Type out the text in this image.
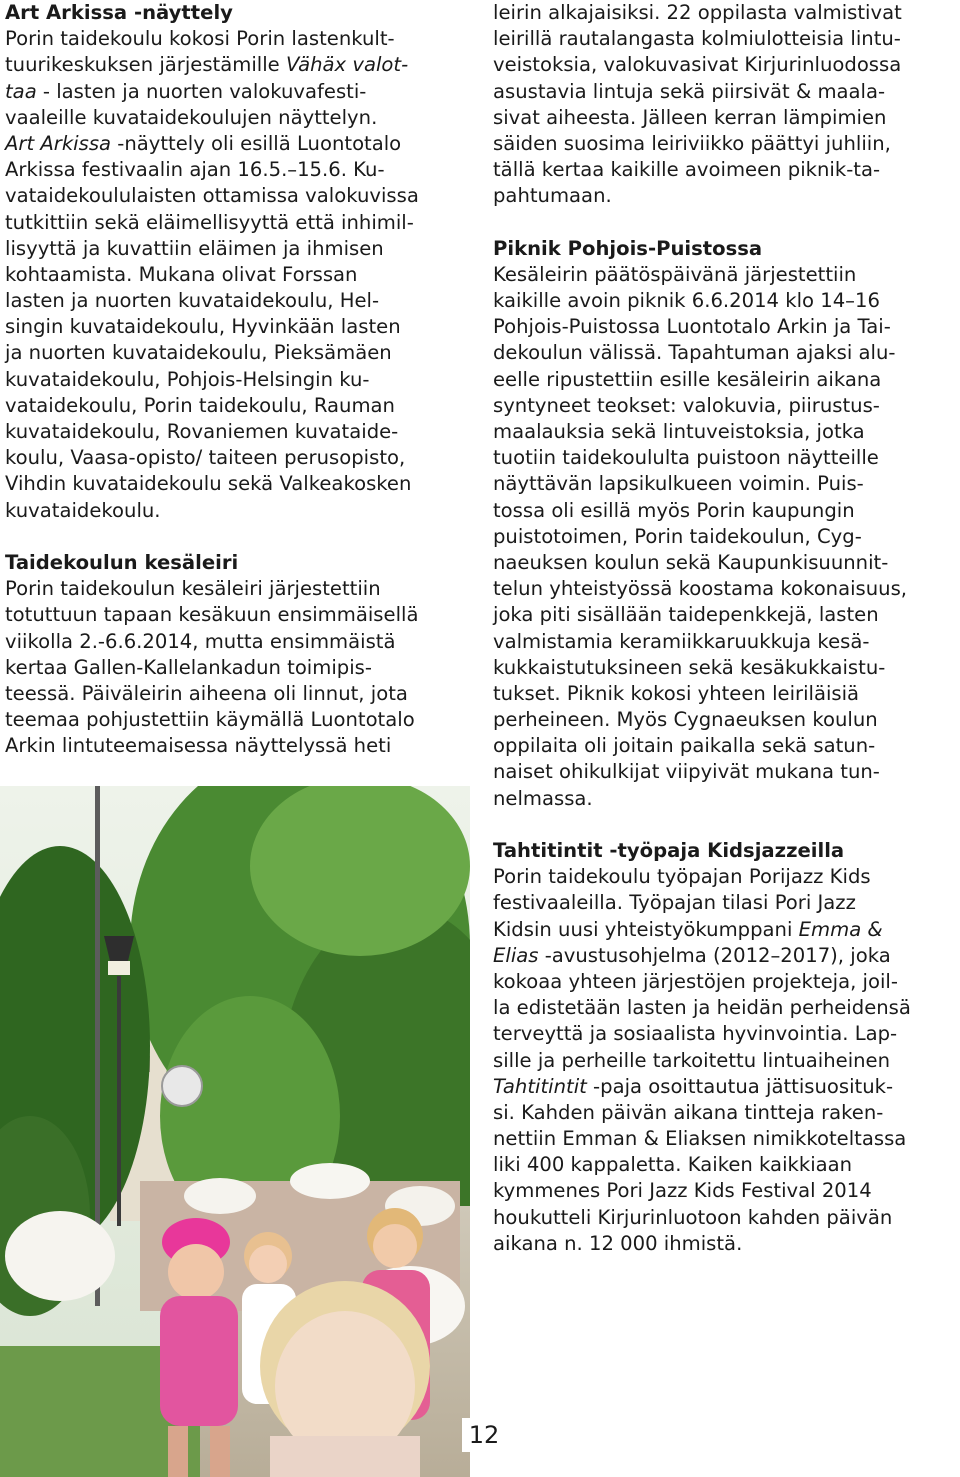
Art Arkissa -näyttely
Porin taidekoulu kokosi Porin lastenkult-
tuurikeskuksen järjestämille Vähäx valot-
taa - lasten ja nuorten valokuvafesti-
vaaleille kuvataidekoulujen näyttelyn.
Art Arkissa -näyttely oli esillä Luontotalo
Arkissa festivaalin ajan 16.5.–15.6. Ku-
vataidekoululaisten ottamissa valokuvissa
tutkittiin sekä eläimellisyyttä että inhimil-
lisyyttä ja kuvattiin eläimen ja ihmisen
kohtaamista. Mukana olivat Forssan
lasten ja nuorten kuvataidekoulu, Hel-
singin kuvataidekoulu, Hyvinkään lasten
ja nuorten kuvataidekoulu, Pieksämäen
kuvataidekoulu, Pohjois-Helsingin ku-
vataidekoulu, Porin taidekoulu, Rauman
kuvataidekoulu, Rovaniemen kuvataide-
koulu, Vaasa-opisto/ taiteen perusopisto,
Vihdin kuvataidekoulu sekä Valkeakosken
kuvataidekoulu.
Taidekoulun kesäleiri
Porin taidekoulun kesäleiri järjestettiin
totuttuun tapaan kesäkuun ensimmäisellä
viikolla 2.-6.6.2014, mutta ensimmäistä
kertaa Gallen-Kallelankadun toimipis-
teessä. Päiväleirin aiheena oli linnut, jota
teemaa pohjustettiin käymällä Luontotalo
Arkin lintuteemaisessa näyttelyssä heti
leirin alkajaisiksi. 22 oppilasta valmistivat
leirillä rautalangasta kolmiulotteisia lintu-
veistoksia, valokuvasivat Kirjurinluodossa
asustavia lintuja sekä piirsivät & maala-
sivat aiheesta. Jälleen kerran lämpimien
säiden suosima leiriviikko päättyi juhliin,
tällä kertaa kaikille avoimeen piknik-ta-
pahtumaan.
Piknik Pohjois-Puistossa
Kesäleirin päätöspäivänä järjestettiin
kaikille avoin piknik 6.6.2014 klo 14–16
Pohjois-Puistossa Luontotalo Arkin ja Tai-
dekoulun välissä. Tapahtuman ajaksi alu-
eelle ripustettiin esille kesäleirin aikana
syntyneet teokset: valokuvia, piirustus-
maalauksia sekä lintuveistoksia, jotka
tuotiin taidekoululta puistoon näytteille
näyttävän lapsikulkueen voimin. Puis-
tossa oli esillä myös Porin kaupungin
puistotoimen, Porin taidekoulun, Cyg-
naeuksen koulun sekä Kaupunkisuunnit-
telun yhteistyössä koostama kokonaisuus,
joka piti sisällään taidepenkkejä, lasten
valmistamia keramiikkaruukkuja kesä-
kukkaistutuksineen sekä kesäkukkaistu-
tukset. Piknik kokosi yhteen leiriläisiä
perheineen. Myös Cygnaeuksen koulun
oppilaita oli joitain paikalla sekä satun-
naiset ohikulkijat viipyivät mukana tun-
nelmassa.
Tahtitintit -työpaja Kidsjazzeilla
Porin taidekoulu työpajan Porijazz Kids
festivaaleilla. Työpajan tilasi Pori Jazz
Kidsin uusi yhteistyökumppani Emma &
Elias -avustusohjelma (2012–2017), joka
kokoaa yhteen järjestöjen projekteja, joil-
la edistetään lasten ja heidän perheidensä
terveyttä ja sosiaalista hyvinvointia. Lap-
sille ja perheille tarkoitettu lintuaiheinen
Tahtitintit -paja osoittautua jättisuosituk-
si. Kahden päivän aikana tintteja raken-
nettiin Emman & Eliaksen nimikkoteltassa
liki 400 kappaletta. Kaiken kaikkiaan
kymmenes Pori Jazz Kids Festival 2014
houkutteli Kirjurinluotoon kahden päivän
aikana n. 12 000 ihmistä.
12
